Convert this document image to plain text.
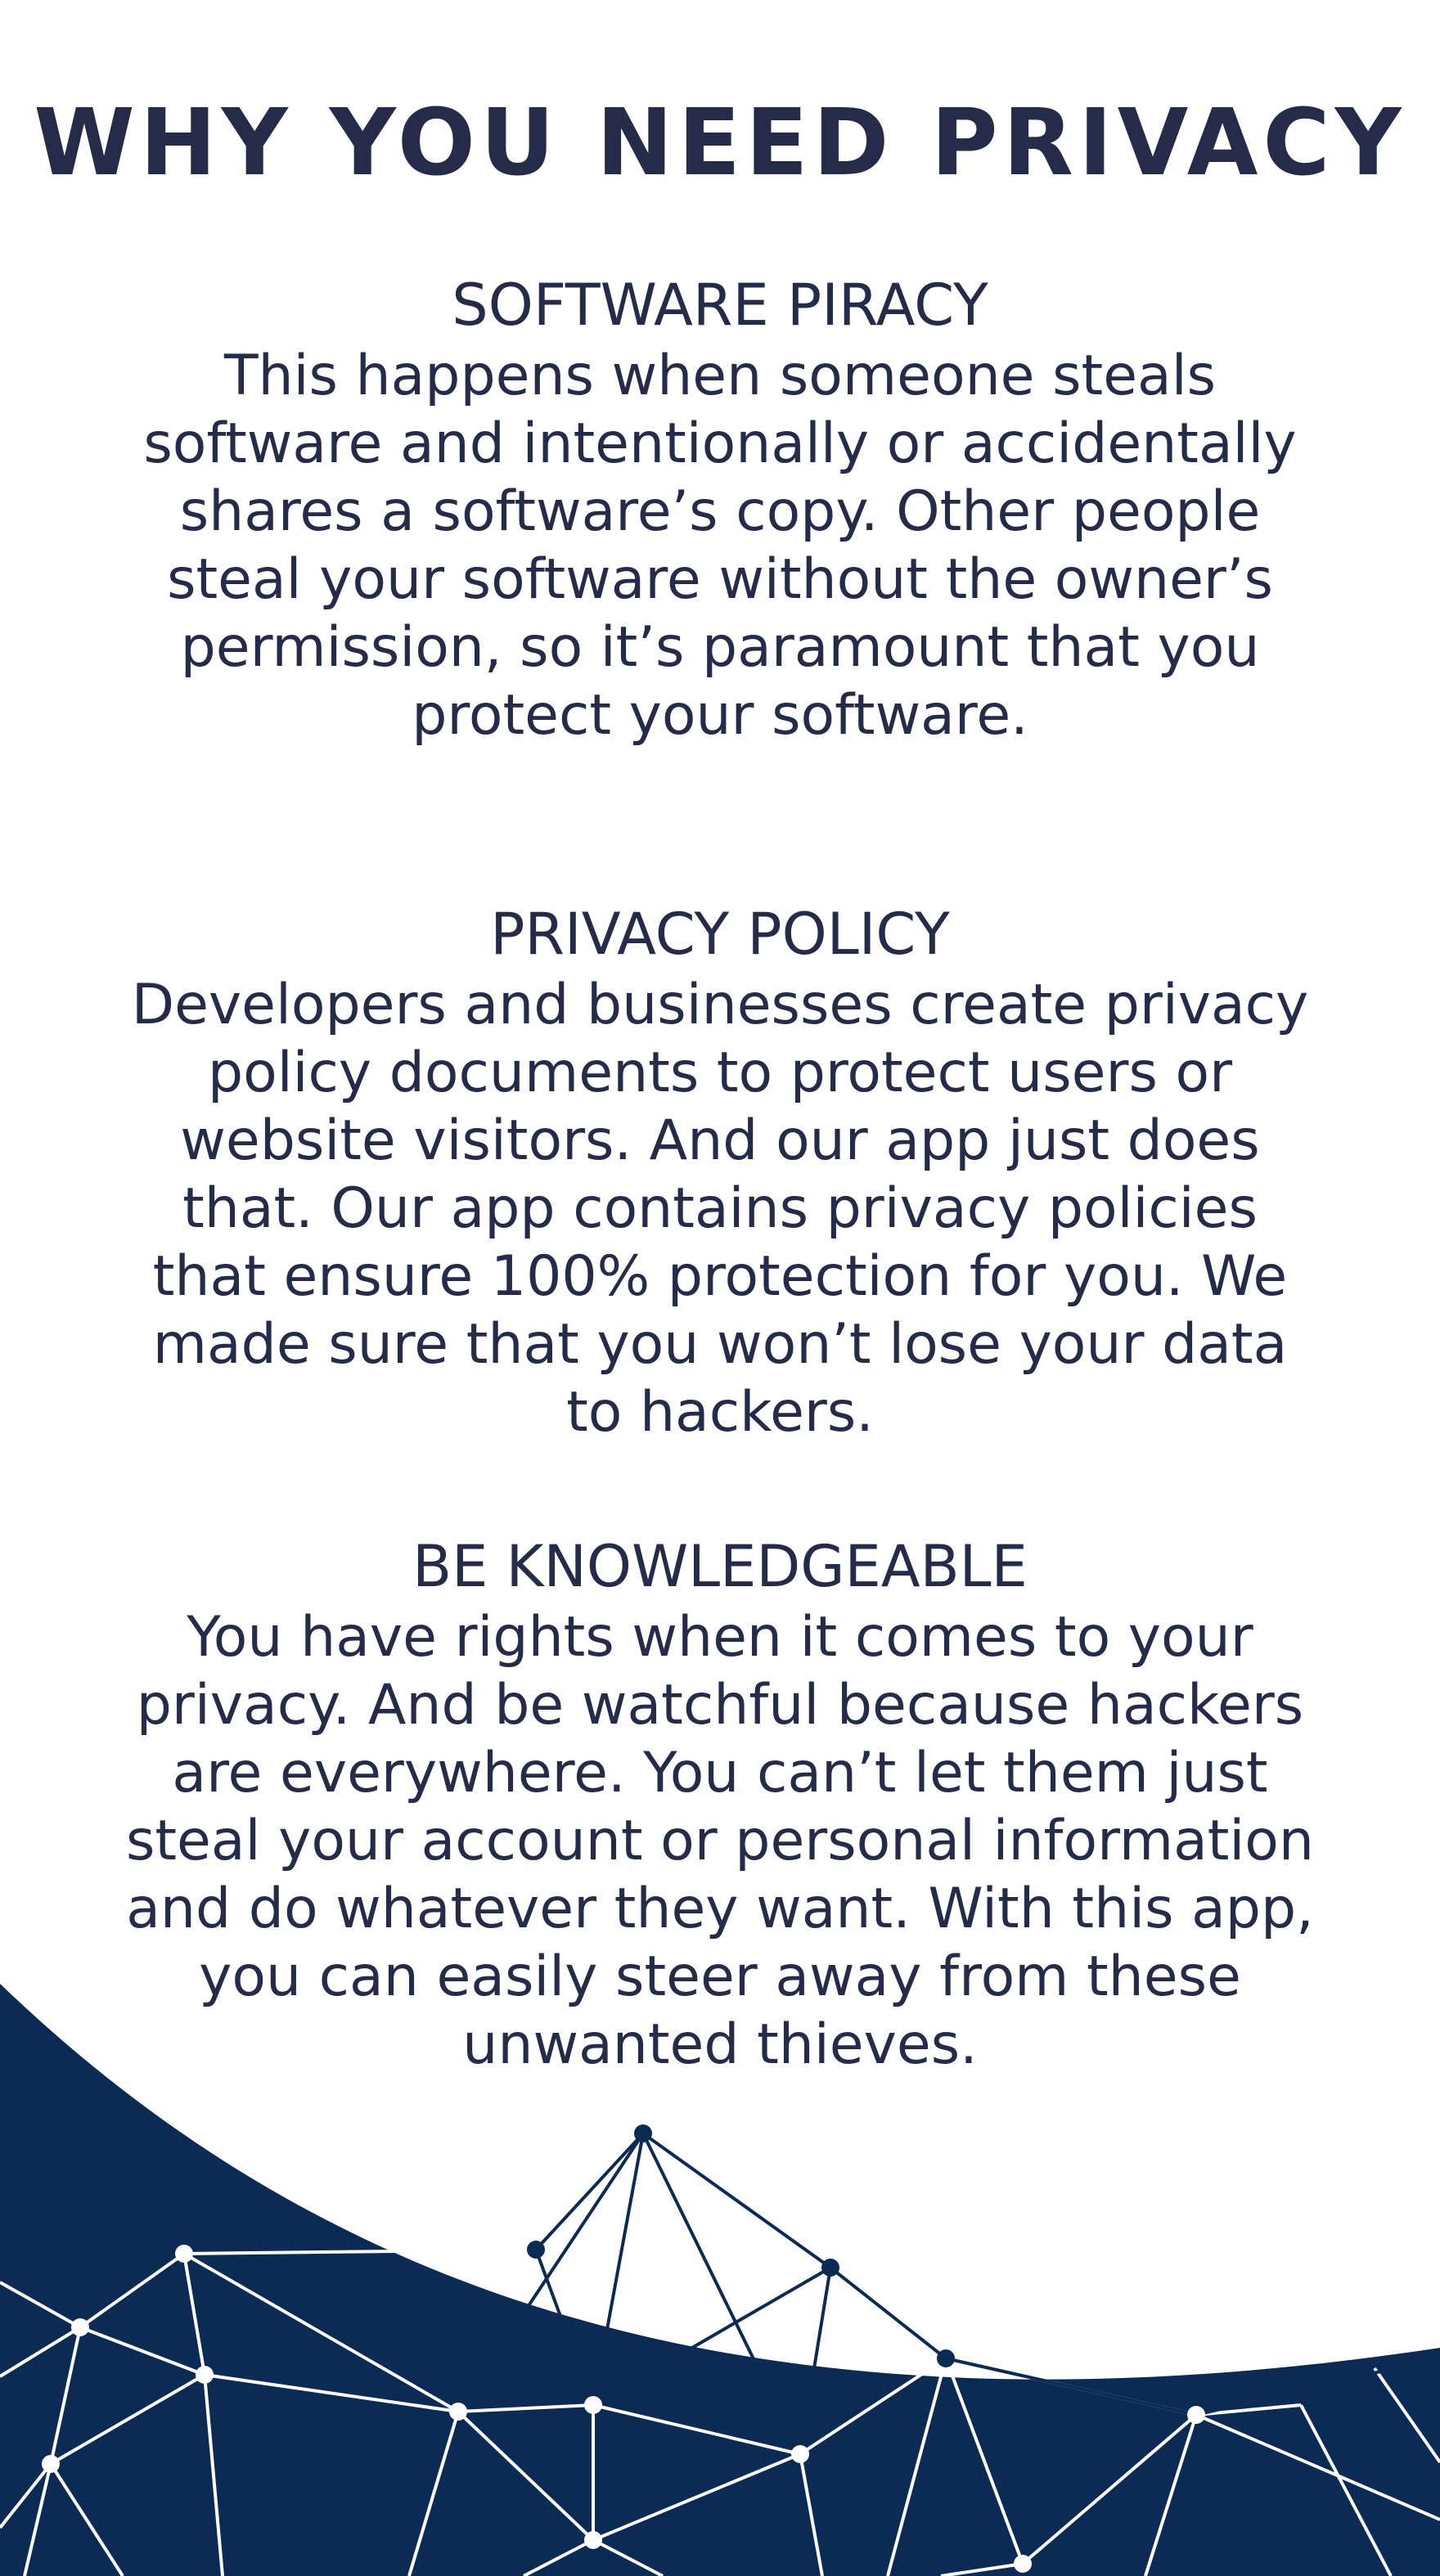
WHY YOU NEED PRIVACY
SOFTWARE PIRACY

This happens when someone steals software and intentionally or accidentally shares a software’s copy. Other people steal your software without the owner’s permission, so it’s paramount that you protect your software.

PRIVACY POLICY

Developers and businesses create privacy policy documents to protect users or website visitors. And our app just does that. Our app contains privacy policies that ensure 100% protection for you. We made sure that you won’t lose your data to hackers.

BE KNOWLEDGEABLE

You have rights when it comes to your privacy. And be watchful because hackers are everywhere. You can’t let them just steal your account or personal information and do whatever they want. With this app, you can easily steer away from these unwanted thieves.
